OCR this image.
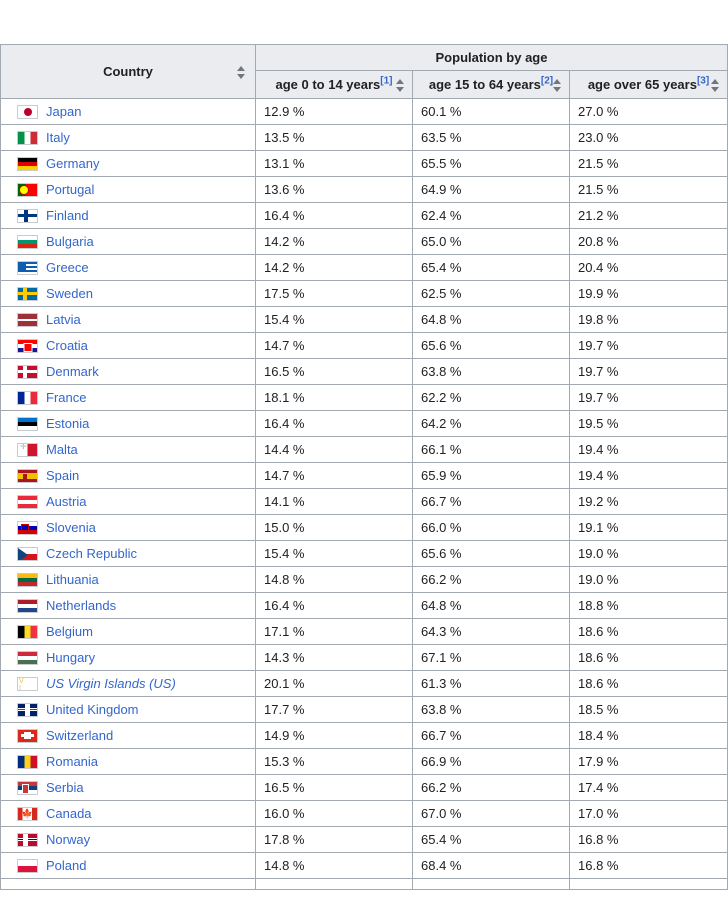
Country	Population by age		
	age 0 to 14 years[1]	age 15 to 64 years[2]	age over 65 years[3]

Japan	12.9 %	60.1 %	27.0 %

Italy	13.5 %	63.5 %	23.0 %

Germany	13.1 %	65.5 %	21.5 %

Portugal	13.6 %	64.9 %	21.5 %

Finland	16.4 %	62.4 %	21.2 %

Bulgaria	14.2 %	65.0 %	20.8 %

Greece	14.2 %	65.4 %	20.4 %

Sweden	17.5 %	62.5 %	19.9 %

Latvia	15.4 %	64.8 %	19.8 %

Croatia	14.7 %	65.6 %	19.7 %

Denmark	16.5 %	63.8 %	19.7 %

France	18.1 %	62.2 %	19.7 %

Estonia	16.4 %	64.2 %	19.5 %

✛
Malta	14.4 %	66.1 %	19.4 %

Spain	14.7 %	65.9 %	19.4 %

Austria	14.1 %	66.7 %	19.2 %

Slovenia	15.0 %	66.0 %	19.1 %

Czech Republic	15.4 %	65.6 %	19.0 %

Lithuania	14.8 %	66.2 %	19.0 %

Netherlands	16.4 %	64.8 %	18.8 %

Belgium	17.1 %	64.3 %	18.6 %

Hungary	14.3 %	67.1 %	18.6 %

V I
US Virgin Islands (US)	20.1 %	61.3 %	18.6 %

United Kingdom	17.7 %	63.8 %	18.5 %

Switzerland	14.9 %	66.7 %	18.4 %

Romania	15.3 %	66.9 %	17.9 %

Serbia	16.5 %	66.2 %	17.4 %

🍁
Canada	16.0 %	67.0 %	17.0 %

Norway	17.8 %	65.4 %	16.8 %

Poland	14.8 %	68.4 %	16.8 %
